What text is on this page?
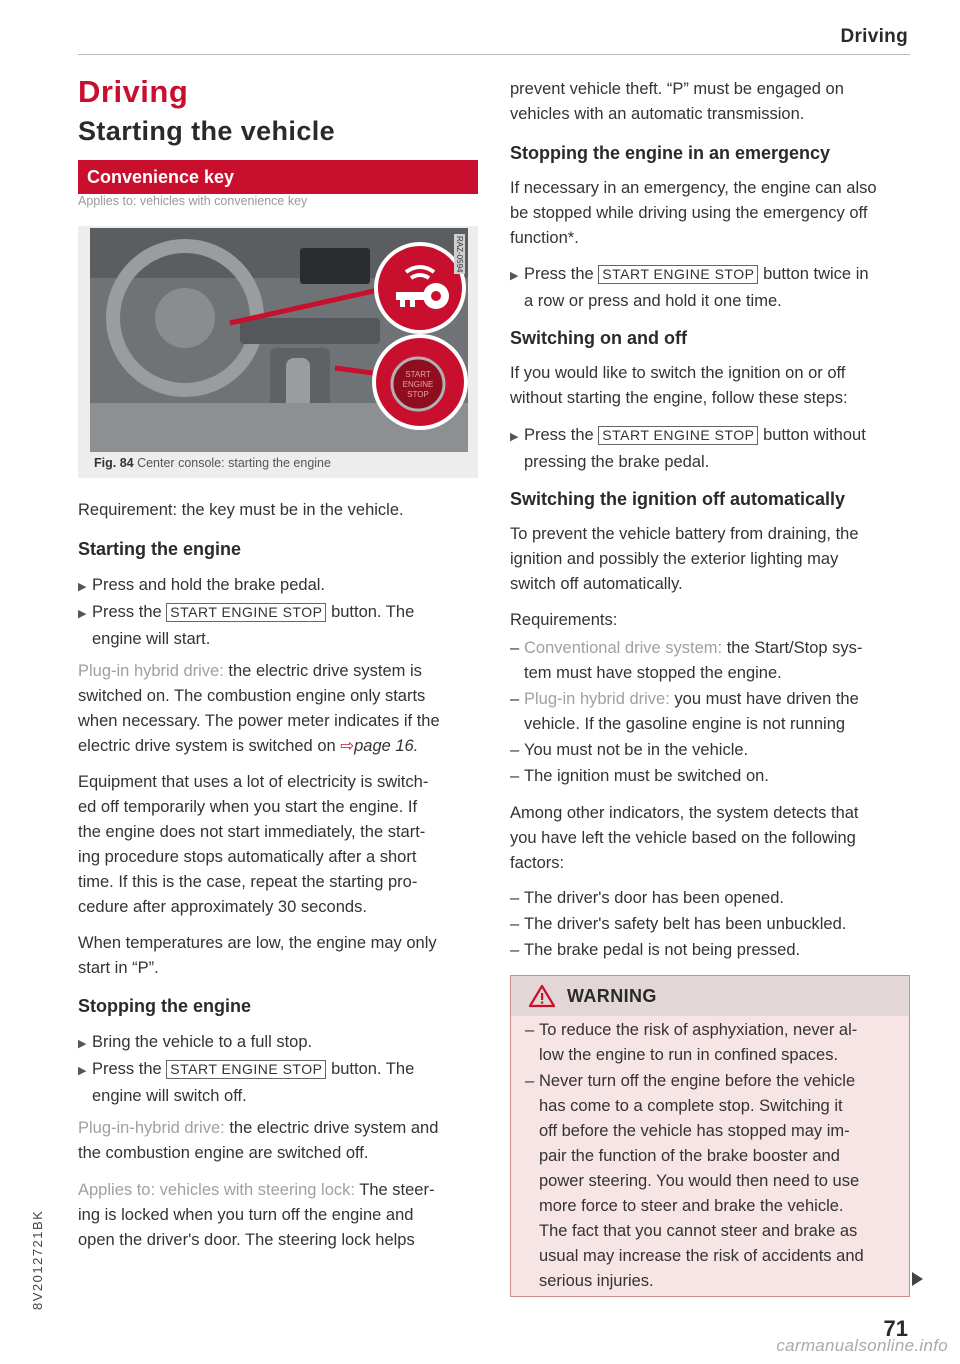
Driving
Driving
Starting the vehicle
Convenience key
Applies to: vehicles with convenience key
START
ENGINE
STOP
RAZ-0594
Fig. 84 Center console: starting the engine
Requirement: the key must be in the vehicle.
Starting the engine
▶ Press and hold the brake pedal.
▶ Press the START ENGINE STOP button. The
engine will start.
Plug-in hybrid drive: the electric drive system is
switched on. The combustion engine only starts
when necessary. The power meter indicates if the
electric drive system is switched on ⇨page 16.
Equipment that uses a lot of electricity is switch-
ed off temporarily when you start the engine. If
the engine does not start immediately, the start-
ing procedure stops automatically after a short
time. If this is the case, repeat the starting pro-
cedure after approximately 30 seconds.
When temperatures are low, the engine may only
start in “P”.
Stopping the engine
▶ Bring the vehicle to a full stop.
▶ Press the START ENGINE STOP button. The
engine will switch off.
Plug-in-hybrid drive: the electric drive system and
the combustion engine are switched off.
Applies to: vehicles with steering lock: The steer-
ing is locked when you turn off the engine and
open the driver's door. The steering lock helps
prevent vehicle theft. “P” must be engaged on
vehicles with an automatic transmission.
Stopping the engine in an emergency
If necessary in an emergency, the engine can also
be stopped while driving using the emergency off
function*.
▶ Press the START ENGINE STOP button twice in
a row or press and hold it one time.
Switching on and off
If you would like to switch the ignition on or off
without starting the engine, follow these steps:
▶ Press the START ENGINE STOP button without
pressing the brake pedal.
Switching the ignition off automatically
To prevent the vehicle battery from draining, the
ignition and possibly the exterior lighting may
switch off automatically.
Requirements:
– Conventional drive system: the Start/Stop sys-
tem must have stopped the engine.
– Plug-in hybrid drive: you must have driven the
vehicle. If the gasoline engine is not running
– You must not be in the vehicle.
– The ignition must be switched on.
Among other indicators, the system detects that
you have left the vehicle based on the following
factors:
– The driver's door has been opened.
– The driver's safety belt has been unbuckled.
– The brake pedal is not being pressed.
WARNING
– To reduce the risk of asphyxiation, never al-
low the engine to run in confined spaces.
– Never turn off the engine before the vehicle
has come to a complete stop. Switching it
off before the vehicle has stopped may im-
pair the function of the brake booster and
power steering. You would then need to use
more force to steer and brake the vehicle.
The fact that you cannot steer and brake as
usual may increase the risk of accidents and
serious injuries.
71
8V2012721BK
carmanualsonline.info
